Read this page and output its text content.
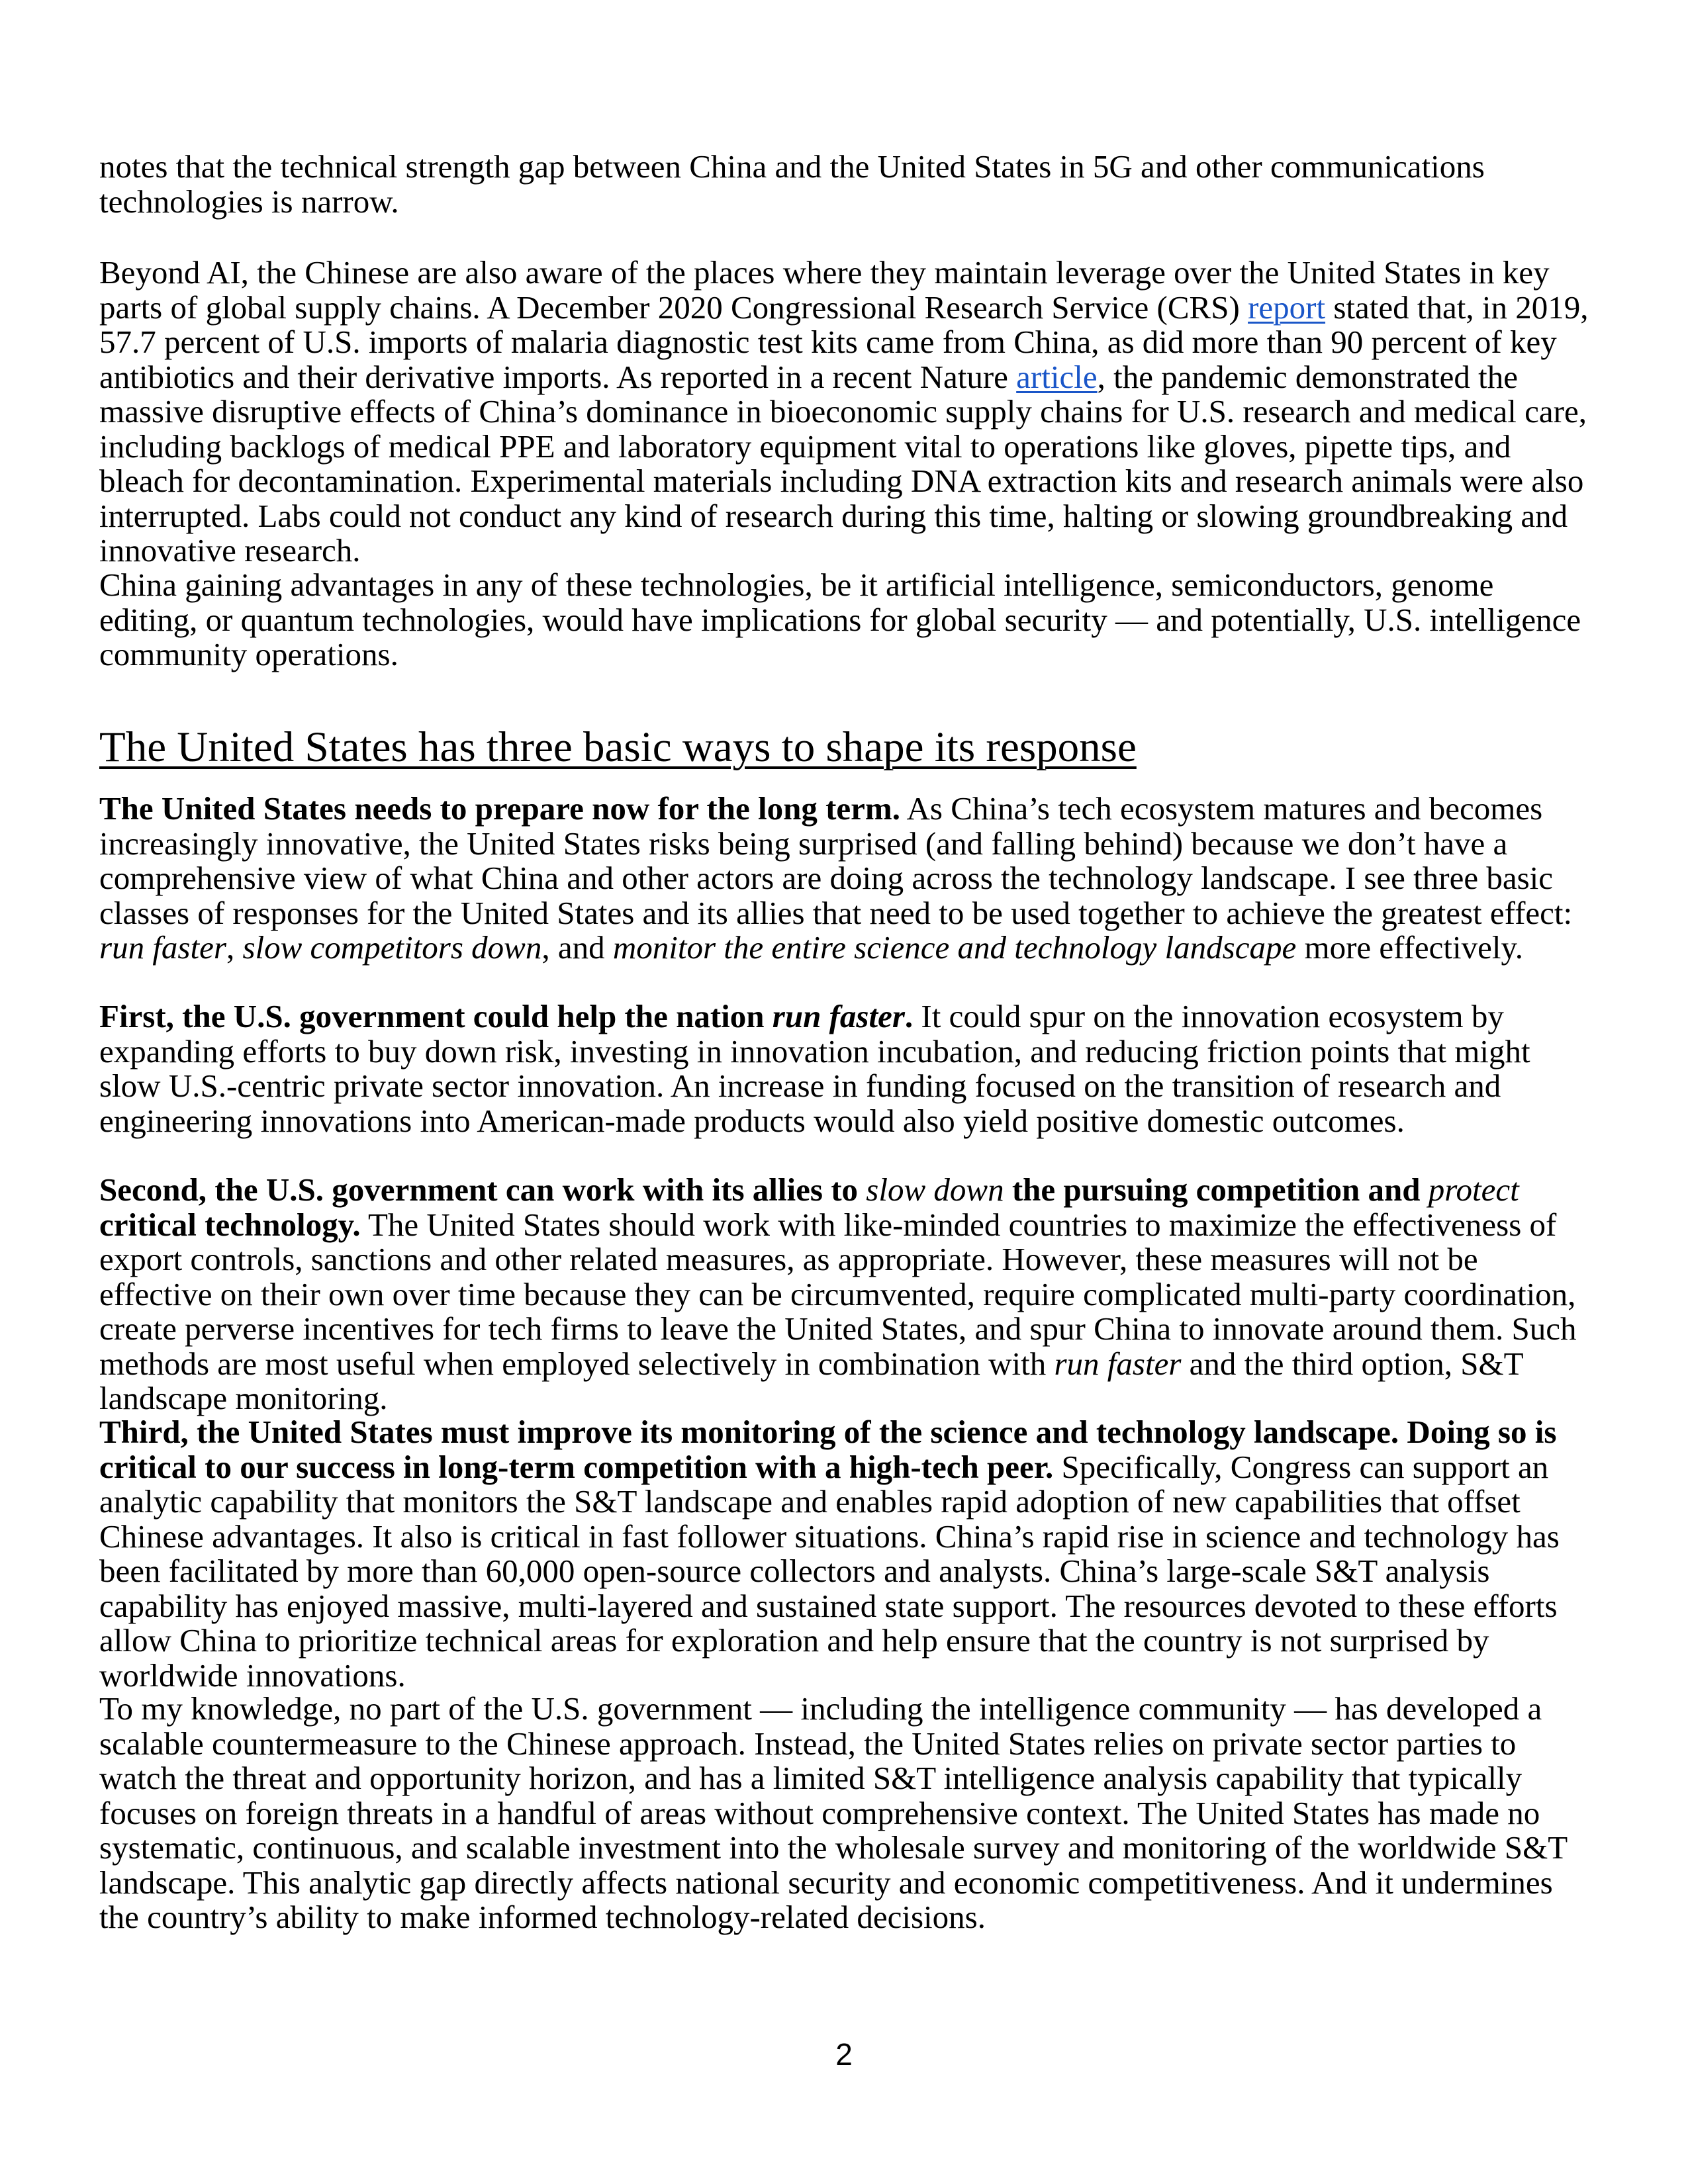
notes that the technical strength gap between China and the United States in 5G and other communications technologies is narrow.

Beyond AI, the Chinese are also aware of the places where they maintain leverage over the United States in key parts of global supply chains. A December 2020 Congressional Research Service (CRS) report stated that, in 2019, 57.7 percent of U.S. imports of malaria diagnostic test kits came from China, as did more than 90 percent of key antibiotics and their derivative imports. As reported in a recent Nature article, the pandemic demonstrated the massive disruptive effects of China’s dominance in bioeconomic supply chains for U.S. research and medical care, including backlogs of medical PPE and laboratory equipment vital to operations like gloves, pipette tips, and bleach for decontamination. Experimental materials including DNA extraction kits and research animals were also interrupted. Labs could not conduct any kind of research during this time, halting or slowing groundbreaking and innovative research.

China gaining advantages in any of these technologies, be it artificial intelligence, semiconductors, genome editing, or quantum technologies, would have implications for global security — and potentially, U.S. intelligence community operations.

The United States has three basic ways to shape its response

The United States needs to prepare now for the long term. As China’s tech ecosystem matures and becomes increasingly innovative, the United States risks being surprised (and falling behind) because we don’t have a comprehensive view of what China and other actors are doing across the technology landscape. I see three basic classes of responses for the United States and its allies that need to be used together to achieve the greatest effect: run faster, slow competitors down, and monitor the entire science and technology landscape more effectively.

First, the U.S. government could help the nation run faster. It could spur on the innovation ecosystem by expanding efforts to buy down risk, investing in innovation incubation, and reducing friction points that might slow U.S.-centric private sector innovation. An increase in funding focused on the transition of research and engineering innovations into American-made products would also yield positive domestic outcomes.

Second, the U.S. government can work with its allies to slow down the pursuing competition and protect critical technology. The United States should work with like-minded countries to maximize the effectiveness of export controls, sanctions and other related measures, as appropriate. However, these measures will not be effective on their own over time because they can be circumvented, require complicated multi-party coordination, create perverse incentives for tech firms to leave the United States, and spur China to innovate around them. Such methods are most useful when employed selectively in combination with run faster and the third option, S&T landscape monitoring.

Third, the United States must improve its monitoring of the science and technology landscape. Doing so is critical to our success in long-term competition with a high-tech peer. Specifically, Congress can support an analytic capability that monitors the S&T landscape and enables rapid adoption of new capabilities that offset Chinese advantages. It also is critical in fast follower situations. China’s rapid rise in science and technology has been facilitated by more than 60,000 open-source collectors and analysts. China’s large-scale S&T analysis capability has enjoyed massive, multi-layered and sustained state support. The resources devoted to these efforts allow China to prioritize technical areas for exploration and help ensure that the country is not surprised by worldwide innovations.

To my knowledge, no part of the U.S. government — including the intelligence community — has developed a scalable countermeasure to the Chinese approach. Instead, the United States relies on private sector parties to watch the threat and opportunity horizon, and has a limited S&T intelligence analysis capability that typically focuses on foreign threats in a handful of areas without comprehensive context. The United States has made no systematic, continuous, and scalable investment into the wholesale survey and monitoring of the worldwide S&T landscape. This analytic gap directly affects national security and economic competitiveness. And it undermines the country’s ability to make informed technology-related decisions.

2
